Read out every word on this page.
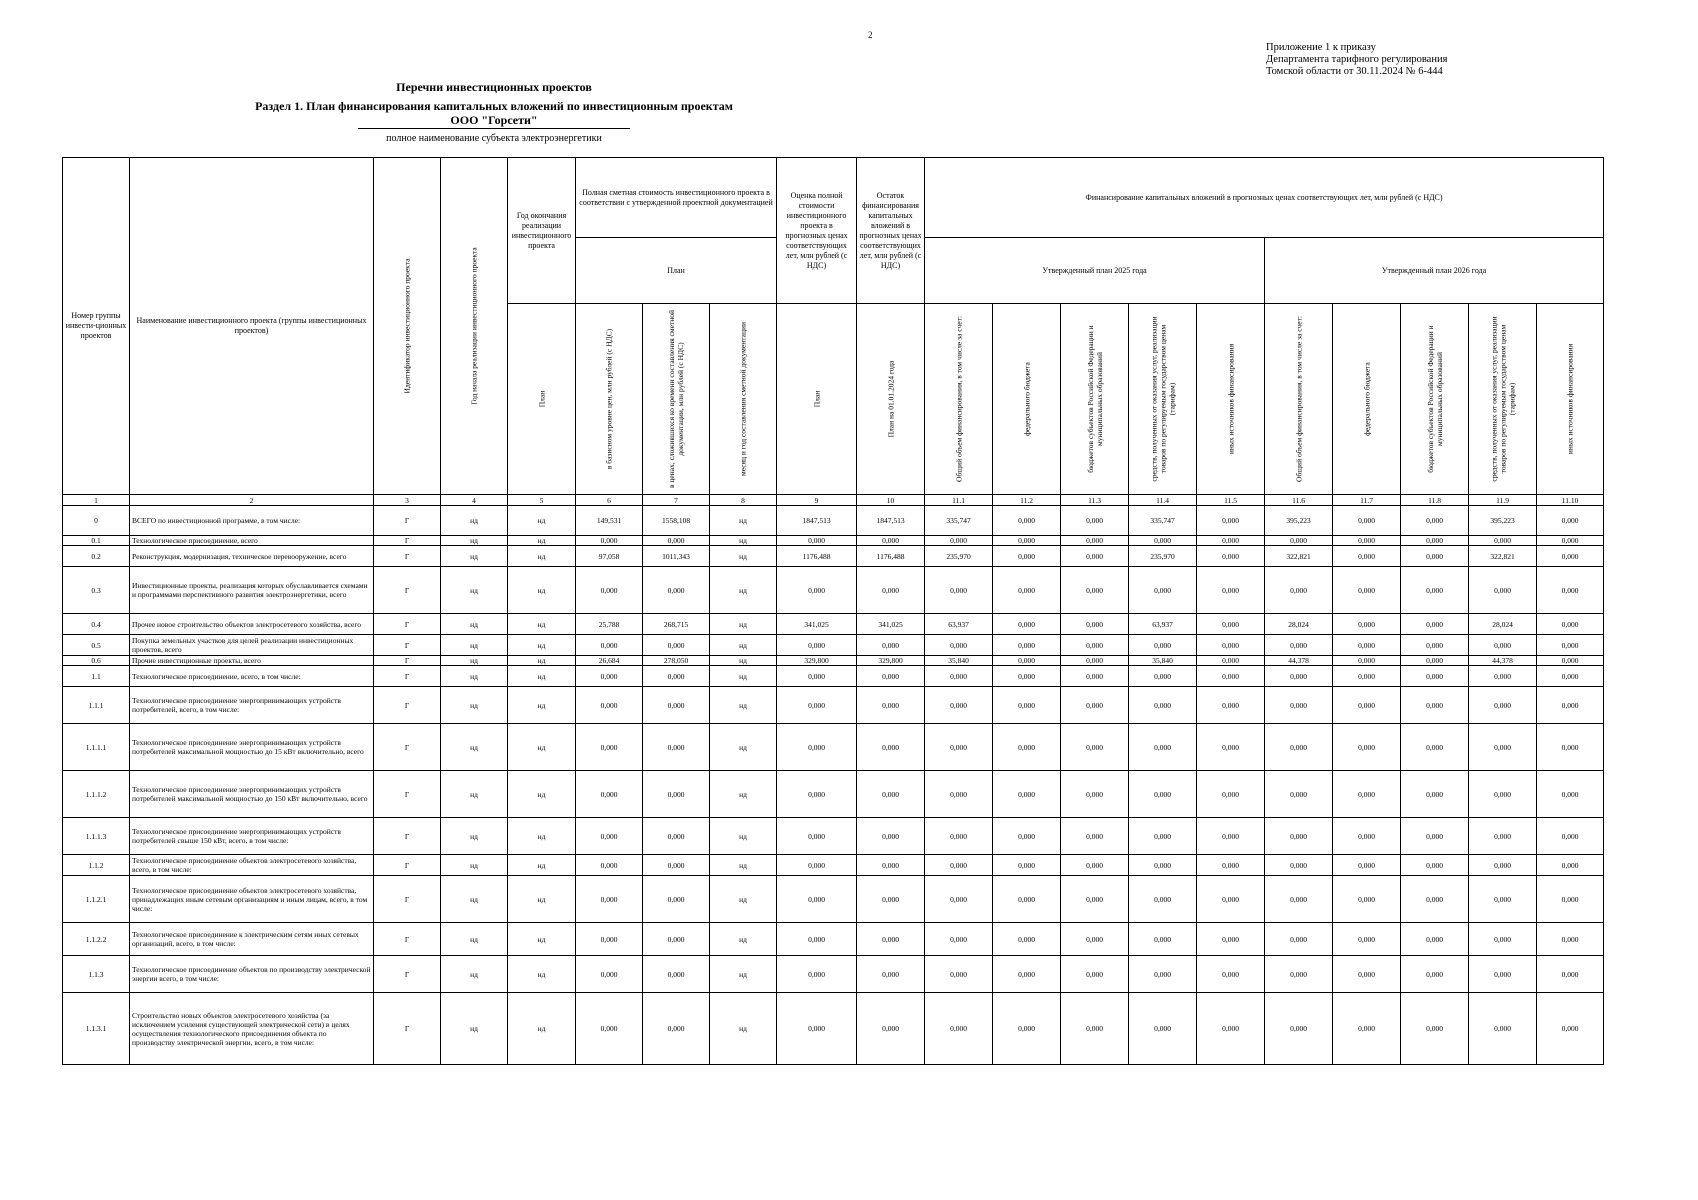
2
Приложение 1 к приказу
Департамента тарифного регулирования
Томской области от 30.11.2024 № 6-444
Перечни инвестиционных проектов
Раздел 1. План финансирования капитальных вложений по инвестиционным проектам
ООО "Горсети"
полное наименование субъекта электроэнергетики
Номер группы инвести-ционных проектов	Наименование инвестиционного проекта (группы инвестиционных проектов)	Идентификатор инвестиционного проекта	Год начала реализации инвестиционного проекта	Год окончания реализации инвестиционного проекта	Полная сметная стоимость инвестиционного проекта в соответствии с утвержденной проектной документацией			Оценка полной стоимости инвестиционного проекта в прогнозных ценах соответствующих лет, млн рублей (с НДС)	Остаток финансирования капитальных вложений в прогнозных ценах соответствующих лет, млн рублей (с НДС)	Финансирование капитальных вложений в прогнозных ценах соответствующих лет, млн рублей (с НДС)									
					План					Утвержденный план 2025 года					Утвержденный план 2026 года				

				План	в базисном уровне цен, млн рублей (с НДС)	в ценах, сложившихся ко времени составления сметной документации, млн рублей (с НДС)	месяц и год составления сметной документации	План	План на 01.01.2024 года	Общий объем финансирования, в том числе за счет:	федерального бюджета	бюджетов субъектов Российской Федерации и муниципальных образований	средств, полученных от оказания услуг, реализации товаров по регулируемым государством ценам (тарифам)	иных источников финансирования	Общий объем финансирования, в том числе за счет:	федерального бюджета	бюджетов субъектов Российской Федерации и муниципальных образований	средств, полученных от оказания услуг, реализации товаров по регулируемым государством ценам (тарифам)	иных источников финансирования

1	2	3	4	5	6	7	8	9	10	11.1	11.2	11.3	11.4	11.5	11.6	11.7	11.8	11.9	11.10
0	ВСЕГО по инвестиционной программе, в том числе:	Г	нд	нд	149,531	1558,108	нд	1847,513	1847,513	335,747	0,000	0,000	335,747	0,000	395,223	0,000	0,000	395,223	0,000
0.1	Технологическое присоединение, всего	Г	нд	нд	0,000	0,000	нд	0,000	0,000	0,000	0,000	0,000	0,000	0,000	0,000	0,000	0,000	0,000	0,000
0.2	Реконструкция, модернизация, техническое перевооружение, всего	Г	нд	нд	97,058	1011,343	нд	1176,488	1176,488	235,970	0,000	0,000	235,970	0,000	322,821	0,000	0,000	322,821	0,000
0.3	Инвестиционные проекты, реализация которых обуславливается схемами и программами перспективного развития электроэнергетики, всего	Г	нд	нд	0,000	0,000	нд	0,000	0,000	0,000	0,000	0,000	0,000	0,000	0,000	0,000	0,000	0,000	0,000
0.4	Прочее новое строительство объектов электросетевого хозяйства, всего	Г	нд	нд	25,788	268,715	нд	341,025	341,025	63,937	0,000	0,000	63,937	0,000	28,024	0,000	0,000	28,024	0,000
0.5	Покупка земельных участков для целей реализации инвестиционных проектов, всего	Г	нд	нд	0,000	0,000	нд	0,000	0,000	0,000	0,000	0,000	0,000	0,000	0,000	0,000	0,000	0,000	0,000
0.6	Прочие инвестиционные проекты, всего	Г	нд	нд	26,684	278,050	нд	329,800	329,800	35,840	0,000	0,000	35,840	0,000	44,378	0,000	0,000	44,378	0,000
1.1	Технологическое присоединение, всего, в том числе:	Г	нд	нд	0,000	0,000	нд	0,000	0,000	0,000	0,000	0,000	0,000	0,000	0,000	0,000	0,000	0,000	0,000
1.1.1	Технологическое присоединение энергопринимающих устройств потребителей, всего, в том числе:	Г	нд	нд	0,000	0,000	нд	0,000	0,000	0,000	0,000	0,000	0,000	0,000	0,000	0,000	0,000	0,000	0,000
1.1.1.1	Технологическое присоединение энергопринимающих устройств потребителей максимальной мощностью до 15 кВт включительно, всего	Г	нд	нд	0,000	0,000	нд	0,000	0,000	0,000	0,000	0,000	0,000	0,000	0,000	0,000	0,000	0,000	0,000
1.1.1.2	Технологическое присоединение энергопринимающих устройств потребителей максимальной мощностью до 150 кВт включительно, всего	Г	нд	нд	0,000	0,000	нд	0,000	0,000	0,000	0,000	0,000	0,000	0,000	0,000	0,000	0,000	0,000	0,000
1.1.1.3	Технологическое присоединение энергопринимающих устройств потребителей свыше 150 кВт, всего, в том числе:	Г	нд	нд	0,000	0,000	нд	0,000	0,000	0,000	0,000	0,000	0,000	0,000	0,000	0,000	0,000	0,000	0,000
1.1.2	Технологическое присоединение объектов электросетевого хозяйства, всего, в том числе:	Г	нд	нд	0,000	0,000	нд	0,000	0,000	0,000	0,000	0,000	0,000	0,000	0,000	0,000	0,000	0,000	0,000
1.1.2.1	Технологическое присоединение объектов электросетевого хозяйства, принадлежащих иным сетевым организациям и иным лицам, всего, в том числе:	Г	нд	нд	0,000	0,000	нд	0,000	0,000	0,000	0,000	0,000	0,000	0,000	0,000	0,000	0,000	0,000	0,000
1.1.2.2	Технологическое присоединение к электрическим сетям иных сетевых организаций, всего, в том числе:	Г	нд	нд	0,000	0,000	нд	0,000	0,000	0,000	0,000	0,000	0,000	0,000	0,000	0,000	0,000	0,000	0,000
1.1.3	Технологическое присоединение объектов по производству электрической энергии всего, в том числе:	Г	нд	нд	0,000	0,000	нд	0,000	0,000	0,000	0,000	0,000	0,000	0,000	0,000	0,000	0,000	0,000	0,000
1.1.3.1	Строительство новых объектов электросетевого хозяйства (за исключением усиления существующей электрической сети) в целях осуществления технологического присоединения объекта по производству электрической энергии, всего, в том числе:	Г	нд	нд	0,000	0,000	нд	0,000	0,000	0,000	0,000	0,000	0,000	0,000	0,000	0,000	0,000	0,000	0,000
